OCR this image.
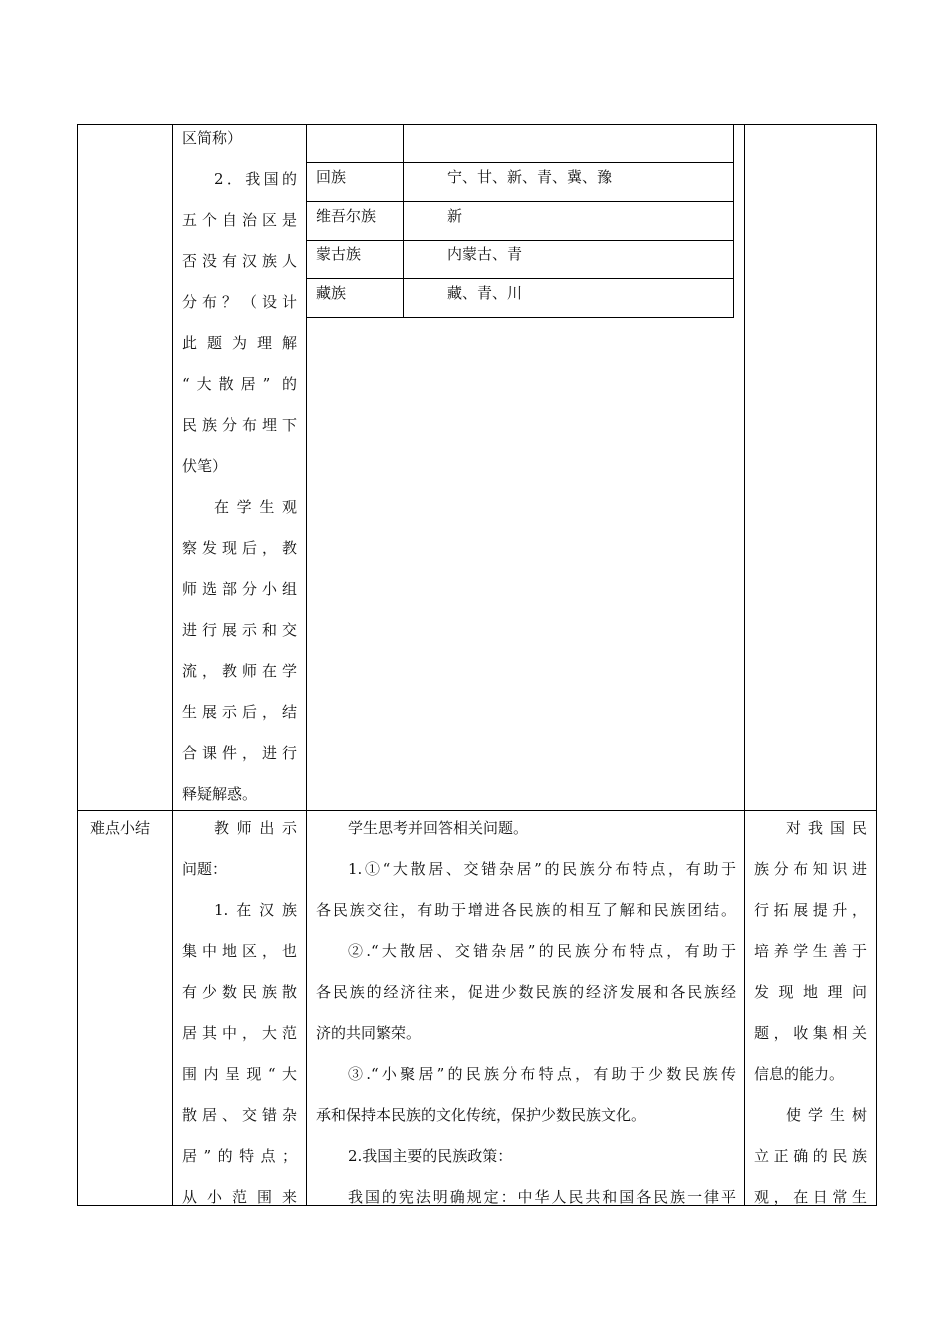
区简称）
2．我国的
五个自治区是
否没有汉族人
分布？（设计
此题为理解
“大散居” 的
民族分布埋下
伏笔）
在学生观
察发现后，教
师选部分小组
进行展示和交
流，教师在学
生展示后，结
合课件，进行
释疑解惑。
回族	宁、甘、新、青、冀、豫
维吾尔族	新
蒙古族	内蒙古、青
藏族	藏、青、川
难点小结	教师出示
问题：
1.在汉族
集中地区，也
有少数民族散
居其中，大范
围内呈现“大
散居、交错杂
居”的特点；
从小范围来
学生思考并回答相关问题。
1.①“大散居、交错杂居”的民族分布特点，有助于
各民族交往，有助于增进各民族的相互了解和民族团结。
②.“大散居、交错杂居”的民族分布特点，有助于
各民族的经济往来，促进少数民族的经济发展和各民族经
济的共同繁荣。
③.“小聚居”的民族分布特点，有助于少数民族传
承和保持本民族的文化传统，保护少数民族文化。
2.我国主要的民族政策：
我国的宪法明确规定：中华人民共和国各民族一律平
对我国民
族分布知识进
行拓展提升，
培养学生善于
发现地理问
题，收集相关
信息的能力。
使学生树
立正确的民族
观，在日常生
